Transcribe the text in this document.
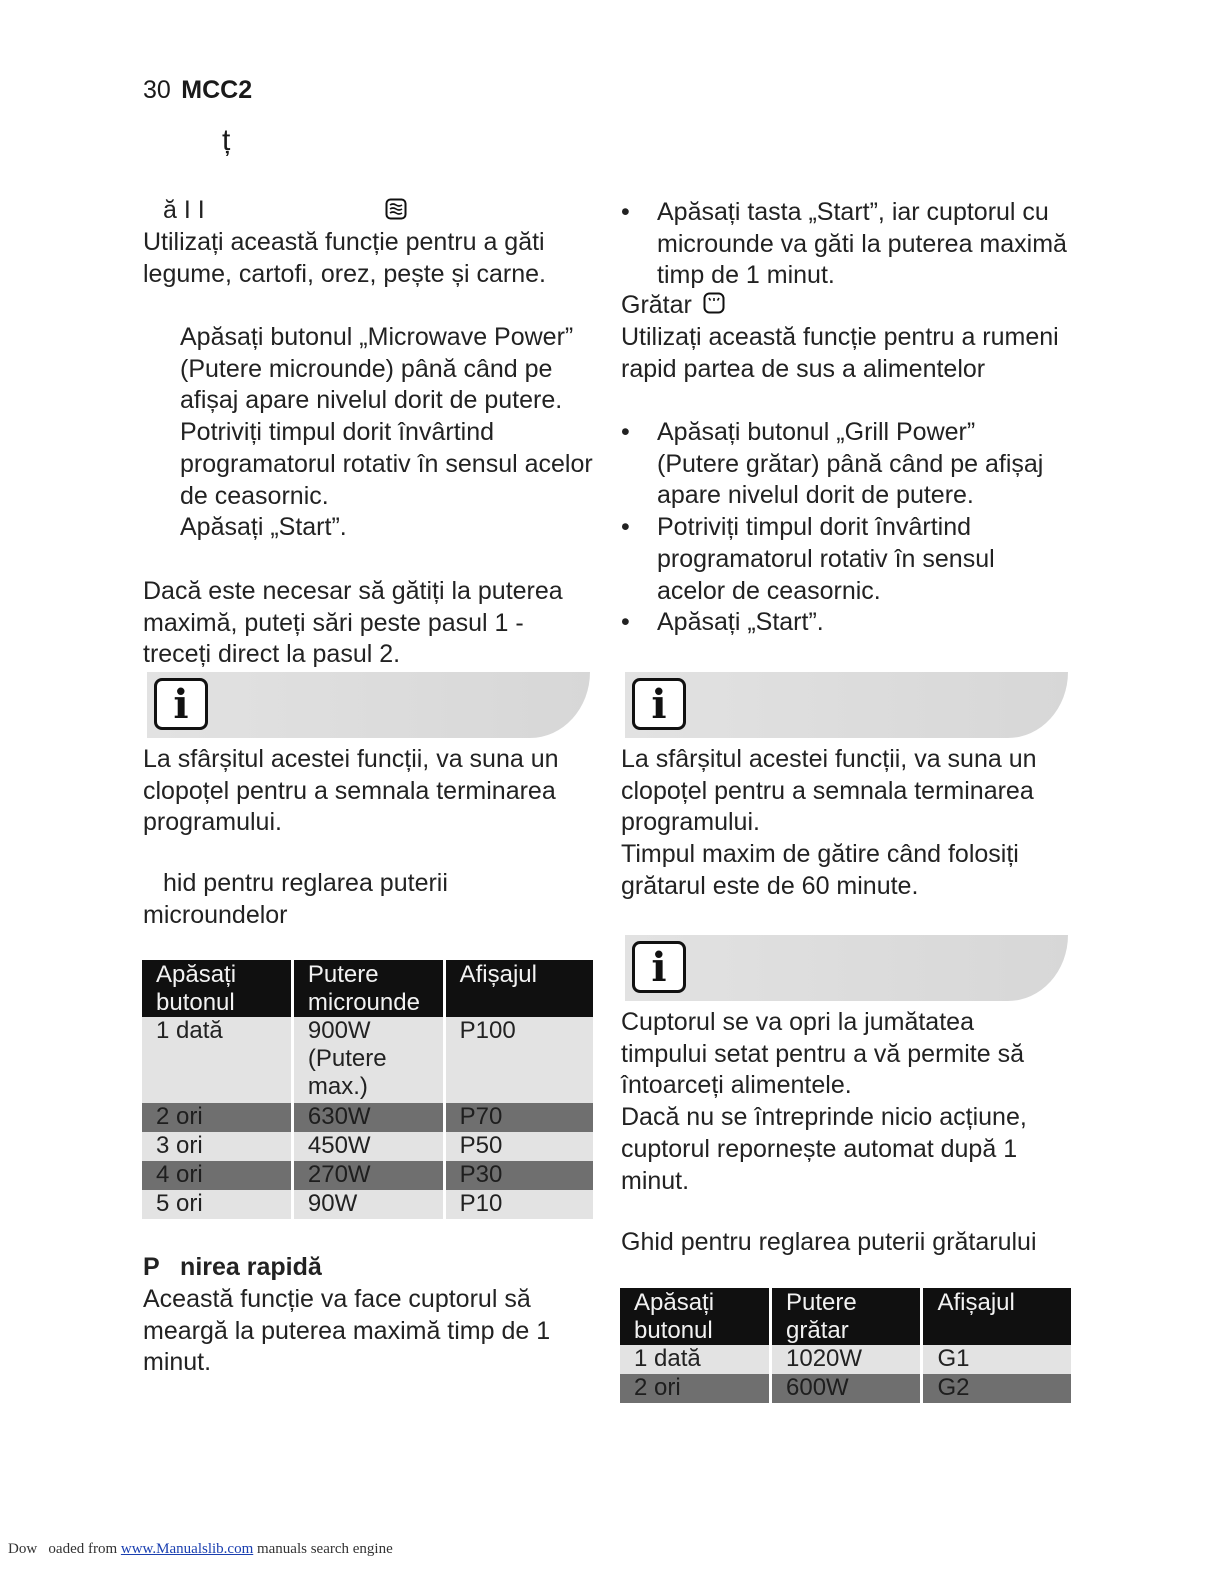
30 MCC2
ț
ă I I
Utilizați această funcție pentru a găti legume, cartofi, orez, pește și carne.
Apăsați butonul „Microwave Power” (Putere microunde) până când pe afișaj apare nivelul dorit de putere.
Potriviți timpul dorit învârtind programatorul rotativ în sensul acelor de ceasornic.
Apăsați „Start”.
Dacă este necesar să gătiți la puterea maximă, puteți sări peste pasul 1 - treceți direct la pasul 2.
i
La sfârșitul acestei funcții, va suna un clopoțel pentru a semnala terminarea programului.
hid pentru reglarea puterii
microundelor
Apăsați butonul	Putere microunde	Afișajul
1 dată	900W (Putere max.)	P100
2 ori	630W	P70
3 ori	450W	P50
4 ori	270W	P30
5 ori	90W	P10
P   nirea rapidă
Această funcție va face cuptorul să meargă la puterea maximă timp de 1 minut.
• Apăsați tasta „Start”, iar cuptorul cu microunde va găti la puterea maximă timp de 1 minut.
Grătar
Utilizați această funcție pentru a rumeni rapid partea de sus a alimentelor
• Apăsați butonul „Grill Power” (Putere grătar) până când pe afișaj apare nivelul dorit de putere.
• Potriviți timpul dorit învârtind programatorul rotativ în sensul acelor de ceasornic.
• Apăsați „Start”.
i
La sfârșitul acestei funcții, va suna un clopoțel pentru a semnala terminarea programului.
Timpul maxim de gătire când folosiți grătarul este de 60 minute.
i
Cuptorul se va opri la jumătatea timpului setat pentru a vă permite să întoarceți alimentele.
Dacă nu se întreprinde nicio acțiune, cuptorul repornește automat după 1 minut.
Ghid pentru reglarea puterii grătarului
Apăsați butonul	Putere grătar	Afișajul
1 dată	1020W	G1
2 ori	600W	G2
Dow   oaded from www.Manualslib.com manuals search engine
